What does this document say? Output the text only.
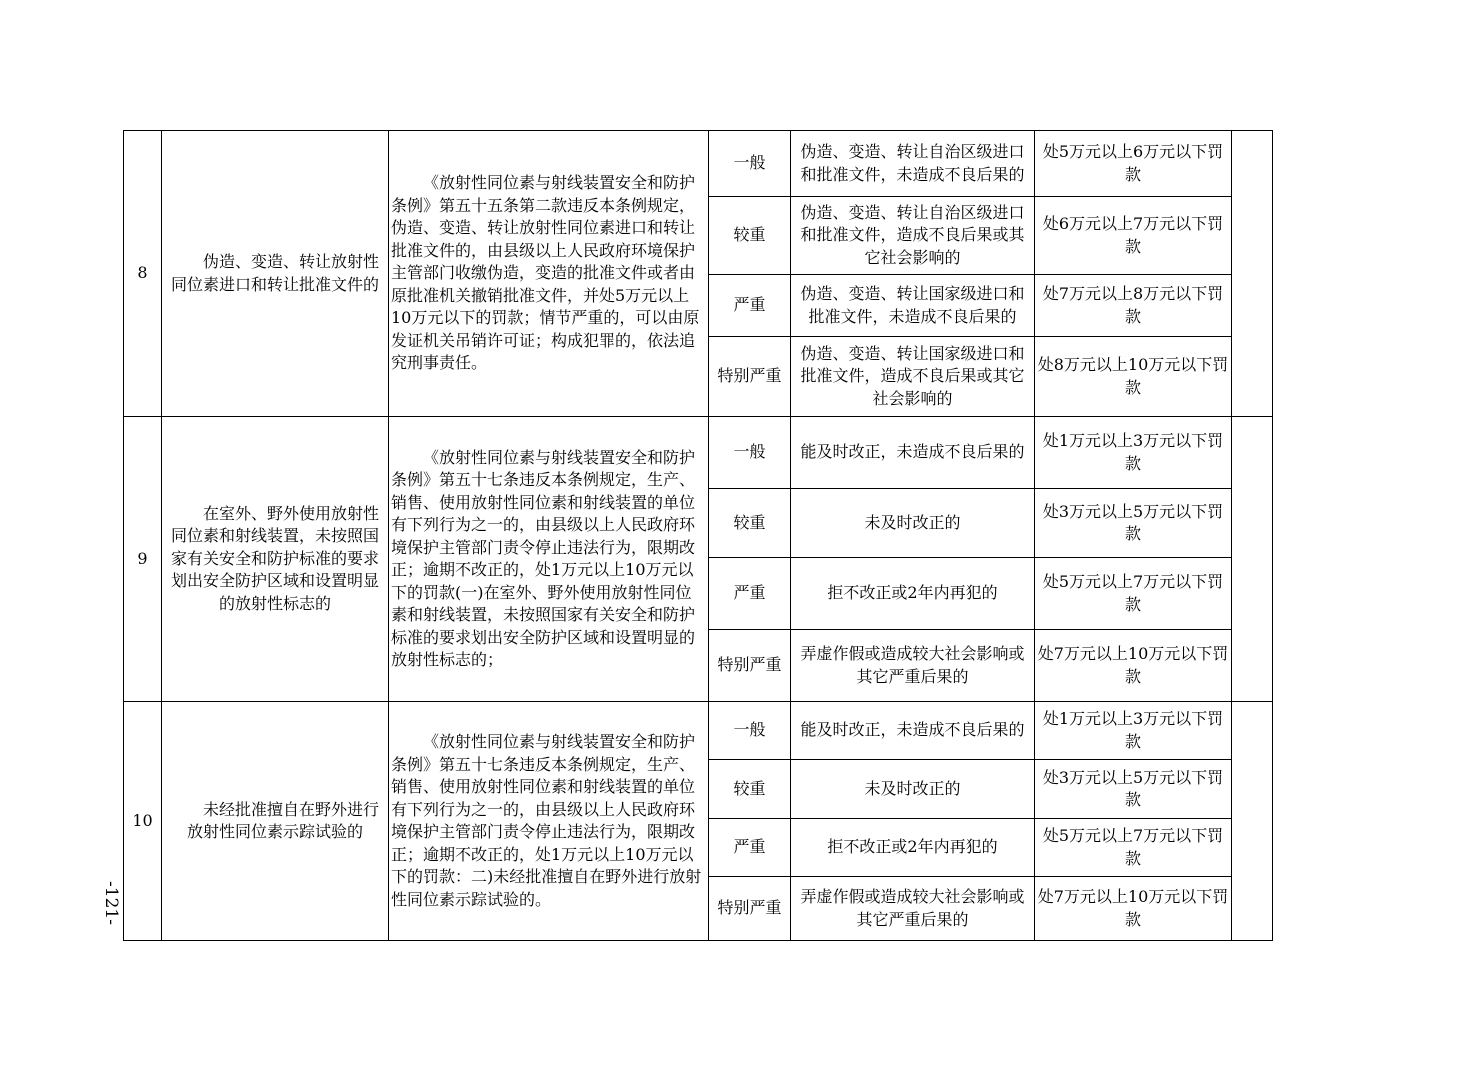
8	伪造、变造、转让放射性同位素进口和转让批准文件的	《放射性同位素与射线装置安全和防护条例》第五十五条第二款违反本条例规定，伪造、变造、转让放射性同位素进口和转让批准文件的，由县级以上人民政府环境保护主管部门收缴伪造，变造的批准文件或者由原批准机关撤销批准文件，并处5万元以上10万元以下的罚款；情节严重的，可以由原发证机关吊销许可证；构成犯罪的，依法追究刑事责任。	一般	伪造、变造、转让自治区级进口和批准文件，未造成不良后果的	处5万元以上6万元以下罚款	
			较重	伪造、变造、转让自治区级进口和批准文件，造成不良后果或其它社会影响的	处6万元以上7万元以下罚款	
			严重	伪造、变造、转让国家级进口和批准文件，未造成不良后果的	处7万元以上8万元以下罚款	
			特别严重	伪造、变造、转让国家级进口和批准文件，造成不良后果或其它社会影响的	处8万元以上10万元以下罚款	
9	在室外、野外使用放射性同位素和射线装置，未按照国家有关安全和防护标准的要求划出安全防护区域和设置明显的放射性标志的	《放射性同位素与射线装置安全和防护条例》第五十七条违反本条例规定，生产、销售、使用放射性同位素和射线装置的单位有下列行为之一的，由县级以上人民政府环境保护主管部门责令停止违法行为，限期改正；逾期不改正的，处1万元以上10万元以下的罚款(一)在室外、野外使用放射性同位素和射线装置，未按照国家有关安全和防护标准的要求划出安全防护区域和设置明显的放射性标志的；	一般	能及时改正，未造成不良后果的	处1万元以上3万元以下罚款	
			较重	未及时改正的	处3万元以上5万元以下罚款	
			严重	拒不改正或2年内再犯的	处5万元以上7万元以下罚款	
			特别严重	弄虚作假或造成较大社会影响或其它严重后果的	处7万元以上10万元以下罚款	
10	未经批准擅自在野外进行放射性同位素示踪试验的	《放射性同位素与射线装置安全和防护条例》第五十七条违反本条例规定，生产、销售、使用放射性同位素和射线装置的单位有下列行为之一的，由县级以上人民政府环境保护主管部门责令停止违法行为，限期改正；逾期不改正的，处1万元以上10万元以下的罚款：二)未经批准擅自在野外进行放射性同位素示踪试验的。	一般	能及时改正，未造成不良后果的	处1万元以上3万元以下罚款	
			较重	未及时改正的	处3万元以上5万元以下罚款	
			严重	拒不改正或2年内再犯的	处5万元以上7万元以下罚款	
			特别严重	弄虚作假或造成较大社会影响或其它严重后果的	处7万元以上10万元以下罚款	
-121-
